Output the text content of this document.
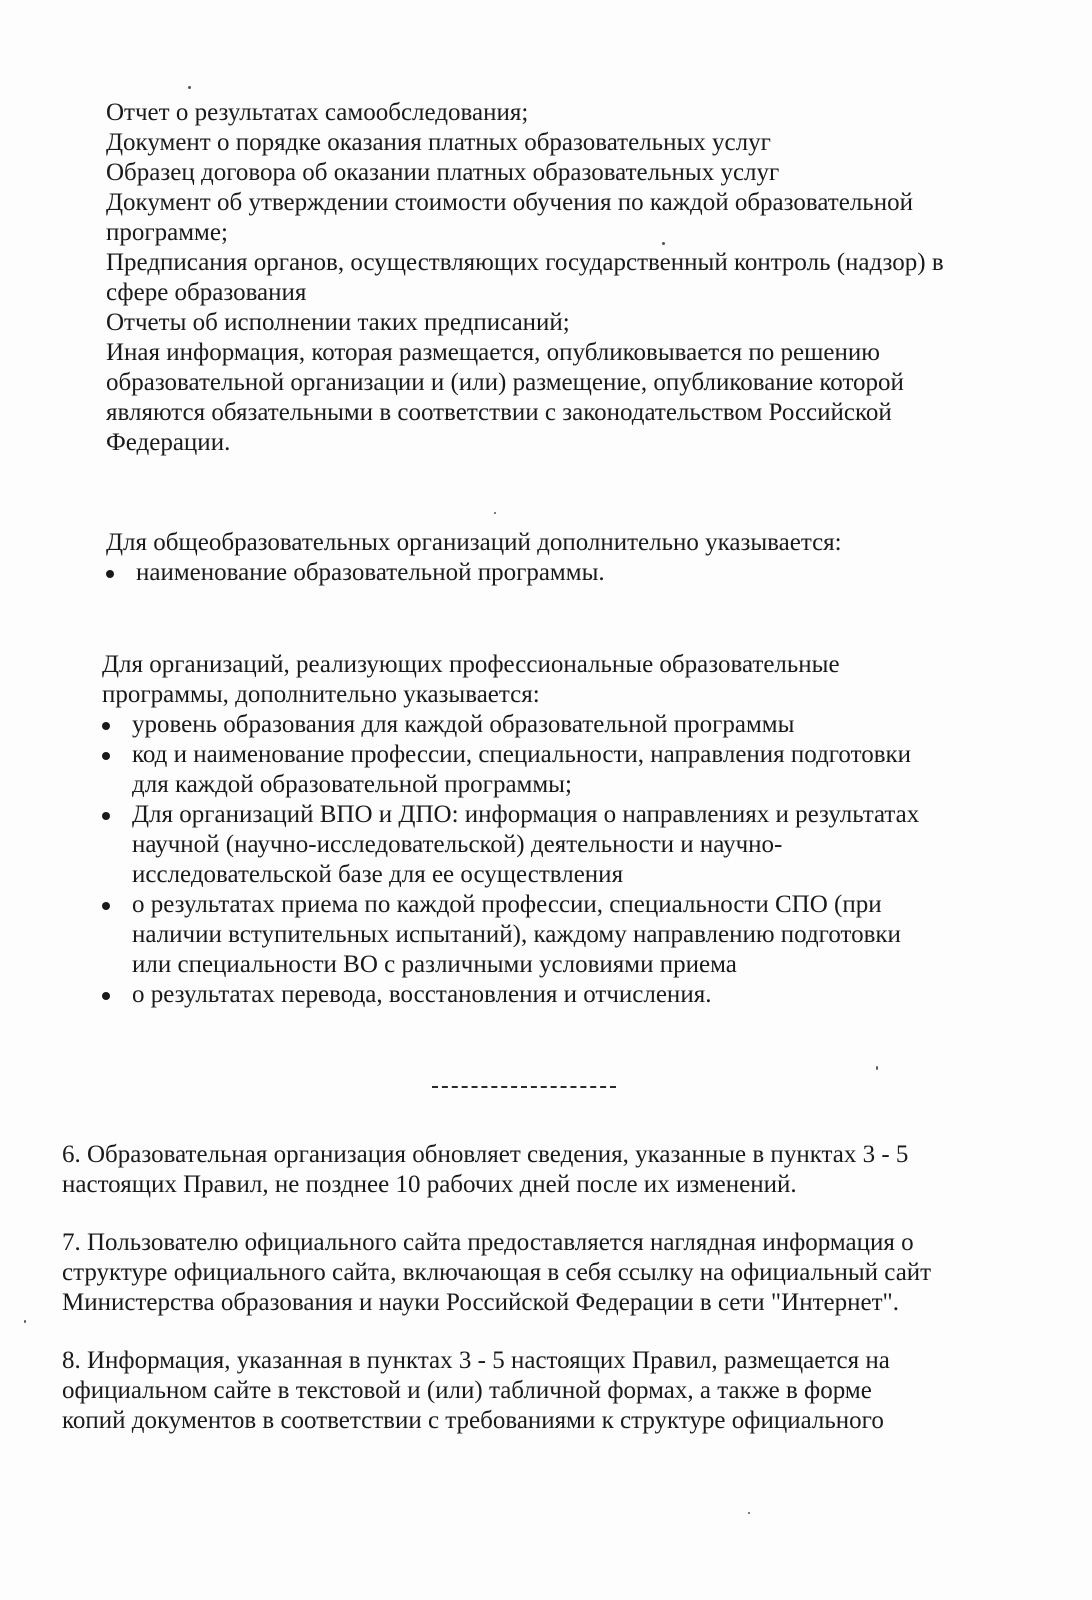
Отчет о результатах самообследования;
Документ о порядке оказания платных образовательных услуг
Образец договора об оказании платных образовательных услуг
Документ об утверждении стоимости обучения по каждой образовательной
программе;
Предписания органов, осуществляющих государственный контроль (надзор) в
сфере образования
Отчеты об исполнении таких предписаний;
Иная информация, которая размещается, опубликовывается по решению
образовательной организации и (или) размещение, опубликование которой
являются обязательными в соответствии с законодательством Российской
Федерации.
Для общеобразовательных организаций дополнительно указывается:
наименование образовательной программы.
Для организаций, реализующих профессиональные образовательные
программы, дополнительно указывается:
уровень образования для каждой образовательной программы
код и наименование профессии, специальности, направления подготовки
для каждой образовательной программы;
Для организаций ВПО и ДПО: информация о направлениях и результатах
научной (научно-исследовательской) деятельности и научно-
исследовательской базе для ее осуществления
о результатах приема по каждой профессии, специальности СПО (при
наличии вступительных испытаний), каждому направлению подготовки
или специальности ВО с различными условиями приема
о результатах перевода, восстановления и отчисления.
6. Образовательная организация обновляет сведения, указанные в пунктах 3 - 5
настоящих Правил, не позднее 10 рабочих дней после их изменений.
7. Пользователю официального сайта предоставляется наглядная информация о
структуре официального сайта, включающая в себя ссылку на официальный сайт
Министерства образования и науки Российской Федерации в сети "Интернет".
8. Информация, указанная в пунктах 3 - 5 настоящих Правил, размещается на
официальном сайте в текстовой и (или) табличной формах, а также в форме
копий документов в соответствии с требованиями к структуре официального
